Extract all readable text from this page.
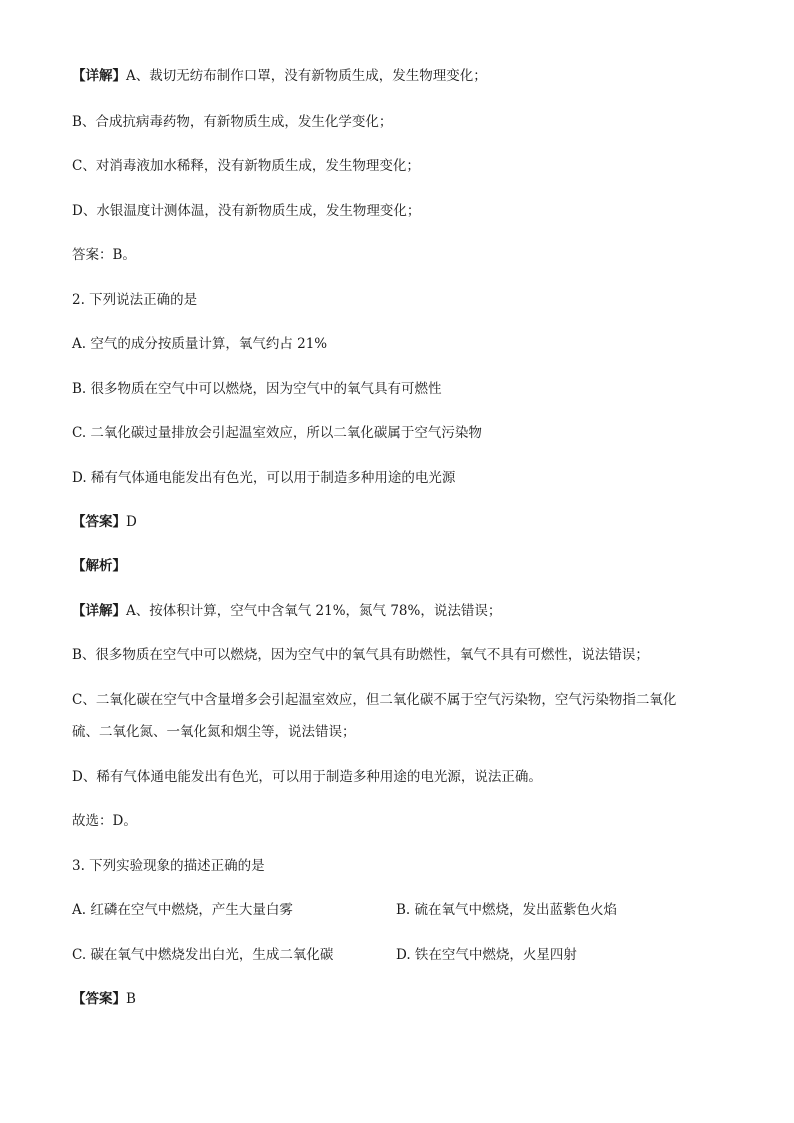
【详解】A、裁切无纺布制作口罩，没有新物质生成，发生物理变化；
B、合成抗病毒药物，有新物质生成，发生化学变化；
C、对消毒液加水稀释，没有新物质生成，发生物理变化；
D、水银温度计测体温，没有新物质生成，发生物理变化；
答案：B。
2. 下列说法正确的是
A. 空气的成分按质量计算，氧气约占 21%
B. 很多物质在空气中可以燃烧，因为空气中的氧气具有可燃性
C. 二氧化碳过量排放会引起温室效应，所以二氧化碳属于空气污染物
D. 稀有气体通电能发出有色光，可以用于制造多种用途的电光源
【答案】D
【解析】
【详解】A、按体积计算，空气中含氧气 21%，氮气 78%，说法错误；
B、很多物质在空气中可以燃烧，因为空气中的氧气具有助燃性，氧气不具有可燃性，说法错误；
C、二氧化碳在空气中含量增多会引起温室效应，但二氧化碳不属于空气污染物，空气污染物指二氧化
硫、二氧化氮、一氧化氮和烟尘等，说法错误；
D、稀有气体通电能发出有色光，可以用于制造多种用途的电光源，说法正确。
故选：D。
3. 下列实验现象的描述正确的是
A. 红磷在空气中燃烧，产生大量白雾	B. 硫在氧气中燃烧，发出蓝紫色火焰
C. 碳在氧气中燃烧发出白光，生成二氧化碳	D. 铁在空气中燃烧，火星四射
【答案】B
